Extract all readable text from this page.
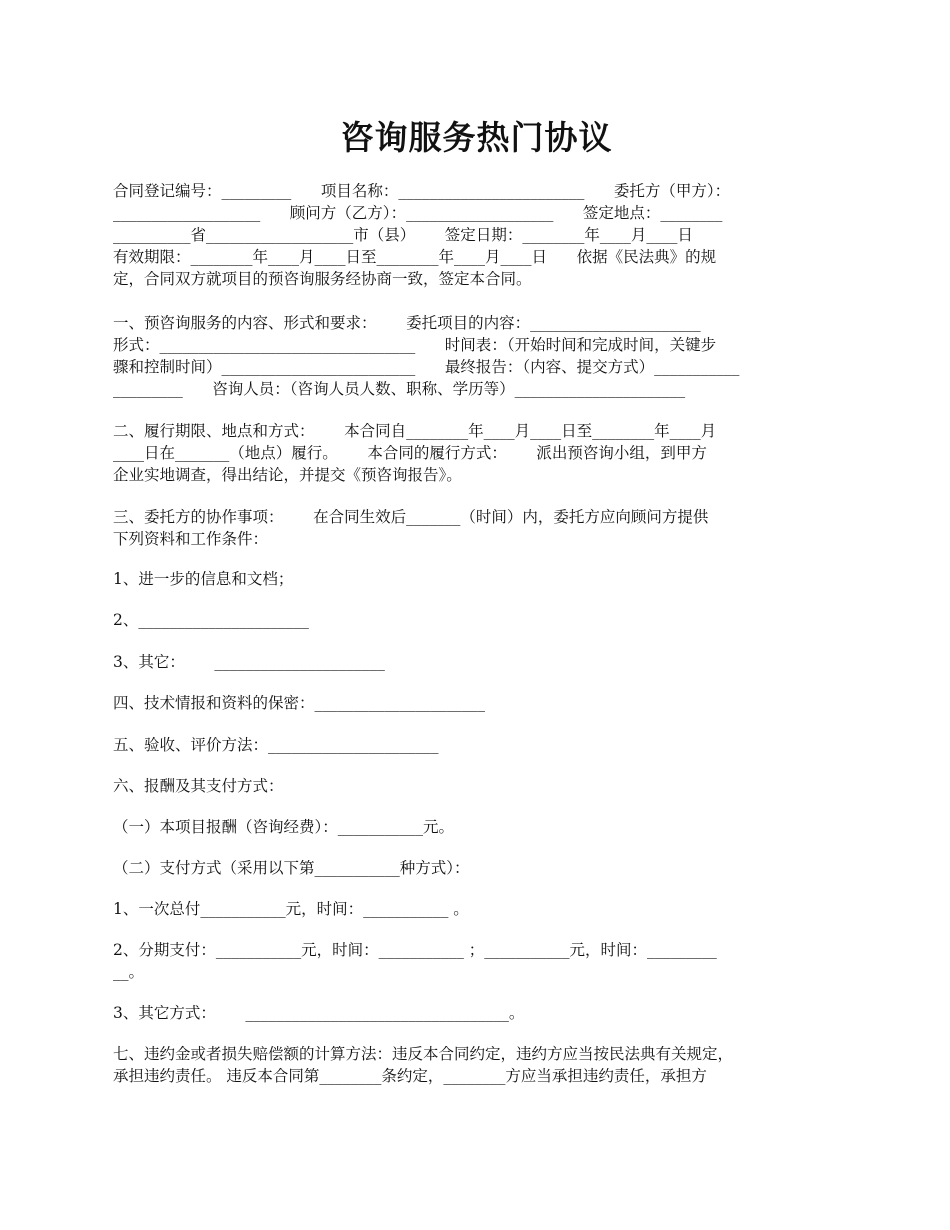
咨询服务热门协议
合同登记编号：_________      项目名称：________________________      委托方（甲方）：
___________________      顾问方（乙方）：___________________      签定地点：________
__________省___________________市（县）      签定日期：________年____月____日
有效期限：________年____月____日至________年____月____日      依据《民法典》的规
定，合同双方就项目的预咨询服务经协商一致，签定本合同。
一、预咨询服务的内容、形式和要求：      委托项目的内容：______________________
形式：_________________________________      时间表：（开始时间和完成时间，关键步
骤和控制时间）_________________________      最终报告：（内容、提交方式）___________
_________      咨询人员：（咨询人员人数、职称、学历等）______________________
二、履行期限、地点和方式：      本合同自________年____月____日至________年____月
____日在_______（地点）履行。      本合同的履行方式：      派出预咨询小组，到甲方
企业实地调查，得出结论，并提交《预咨询报告》。
三、委托方的协作事项：      在合同生效后_______（时间）内，委托方应向顾问方提供
下列资料和工作条件：
1、进一步的信息和文档；
2、______________________
3、其它：      ______________________
四、技术情报和资料的保密：______________________
五、验收、评价方法：______________________
六、报酬及其支付方式：
（一）本项目报酬（咨询经费）：___________元。
（二）支付方式（采用以下第___________种方式）：
1、一次总付___________元，时间：___________ 。
2、分期支付：___________元，时间：___________ ；___________元，时间：_________
__。
3、其它方式：      __________________________________。
七、违约金或者损失赔偿额的计算方法：违反本合同约定，违约方应当按民法典有关规定，
承担违约责任。 违反本合同第________条约定，________方应当承担违约责任，承担方
